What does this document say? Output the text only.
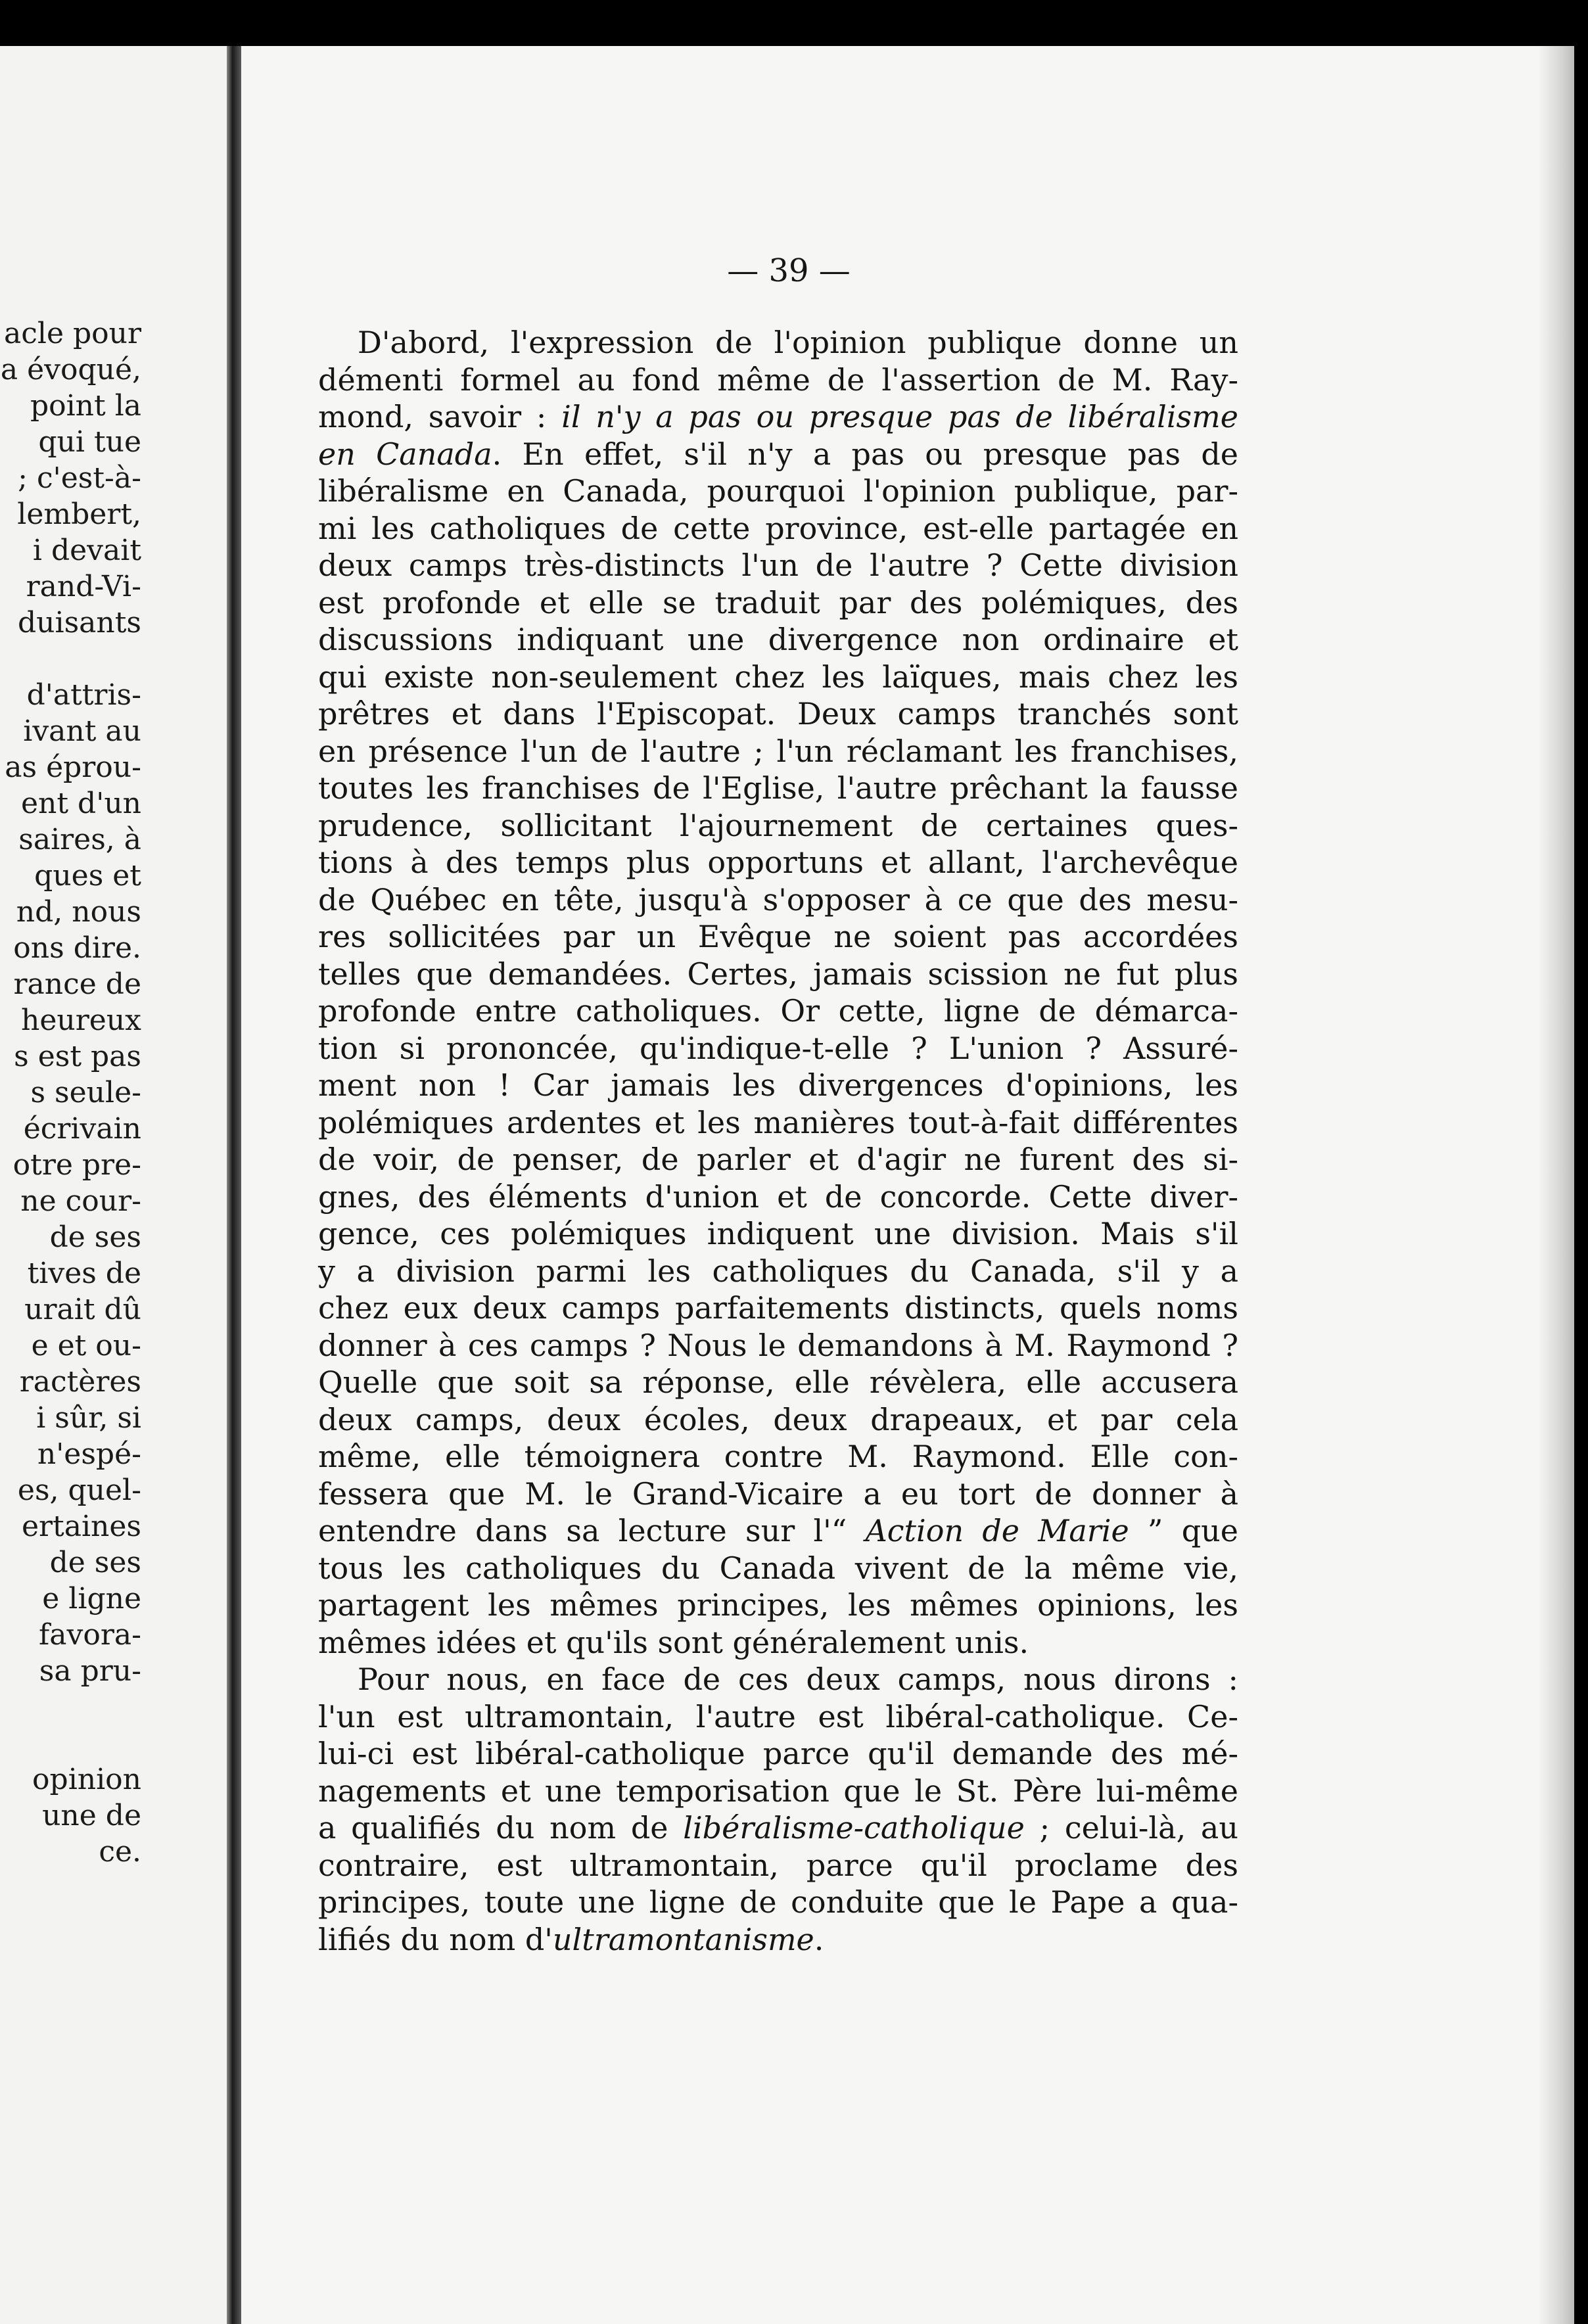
acle pour
a évoqué,
point la
qui tue
; c'est-à-
lembert,
i devait
rand-Vi-
duisants
d'attris-
ivant au
as éprou-
ent d'un
saires, à
ques et
nd, nous
ons dire.
rance de
heureux
s est pas
s seule-
écrivain
otre pre-
ne cour-
de ses
tives de
urait dû
e et ou-
ractères
i sûr, si
n'espé-
es, quel-
ertaines
de ses
e ligne
favora-
sa pru-
opinion
une de
ce.
— 39 —
D'abord, l'expression de l'opinion publique donne un
démenti formel au fond même de l'assertion de M. Ray-
mond, savoir : il n'y a pas ou presque pas de libéralisme
en Canada. En effet, s'il n'y a pas ou presque pas de
libéralisme en Canada, pourquoi l'opinion publique, par-
mi les catholiques de cette province, est-elle partagée en
deux camps très-distincts l'un de l'autre ? Cette division
est profonde et elle se traduit par des polémiques, des
discussions indiquant une divergence non ordinaire et
qui existe non-seulement chez les laïques, mais chez les
prêtres et dans l'Episcopat. Deux camps tranchés sont
en présence l'un de l'autre ; l'un réclamant les franchises,
toutes les franchises de l'Eglise, l'autre prêchant la fausse
prudence, sollicitant l'ajournement de certaines ques-
tions à des temps plus opportuns et allant, l'archevêque
de Québec en tête, jusqu'à s'opposer à ce que des mesu-
res sollicitées par un Evêque ne soient pas accordées
telles que demandées. Certes, jamais scission ne fut plus
profonde entre catholiques. Or cette, ligne de démarca-
tion si prononcée, qu'indique-t-elle ? L'union ? Assuré-
ment non ! Car jamais les divergences d'opinions, les
polémiques ardentes et les manières tout-à-fait différentes
de voir, de penser, de parler et d'agir ne furent des si-
gnes, des éléments d'union et de concorde. Cette diver-
gence, ces polémiques indiquent une division. Mais s'il
y a division parmi les catholiques du Canada, s'il y a
chez eux deux camps parfaitements distincts, quels noms
donner à ces camps ? Nous le demandons à M. Raymond ?
Quelle que soit sa réponse, elle révèlera, elle accusera
deux camps, deux écoles, deux drapeaux, et par cela
même, elle témoignera contre M. Raymond. Elle con-
fessera que M. le Grand-Vicaire a eu tort de donner à
entendre dans sa lecture sur l'“ Action de Marie ” que
tous les catholiques du Canada vivent de la même vie,
partagent les mêmes principes, les mêmes opinions, les
mêmes idées et qu'ils sont généralement unis.
Pour nous, en face de ces deux camps, nous dirons :
l'un est ultramontain, l'autre est libéral-catholique. Ce-
lui-ci est libéral-catholique parce qu'il demande des mé-
nagements et une temporisation que le St. Père lui-même
a qualifiés du nom de libéralisme-catholique ; celui-là, au
contraire, est ultramontain, parce qu'il proclame des
principes, toute une ligne de conduite que le Pape a qua-
lifiés du nom d'ultramontanisme.
